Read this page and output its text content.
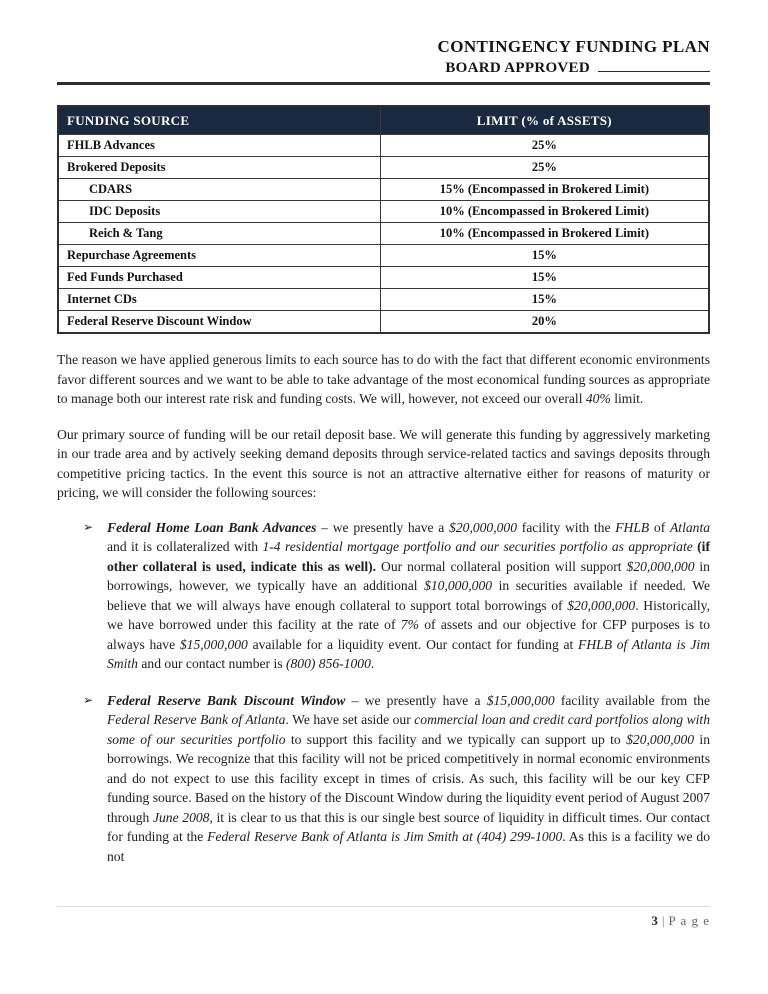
CONTINGENCY FUNDING PLAN
BOARD APPROVED
FUNDING SOURCE	LIMIT (% of ASSETS)
FHLB Advances	25%
Brokered Deposits	25%
CDARS	15% (Encompassed in Brokered Limit)
IDC Deposits	10% (Encompassed in Brokered Limit)
Reich & Tang	10% (Encompassed in Brokered Limit)
Repurchase Agreements	15%
Fed Funds Purchased	15%
Internet CDs	15%
Federal Reserve Discount Window	20%

The reason we have applied generous limits to each source has to do with the fact that different economic environments favor different sources and we want to be able to take advantage of the most economical funding sources as appropriate to manage both our interest rate risk and funding costs. We will, however, not exceed our overall 40% limit.

Our primary source of funding will be our retail deposit base. We will generate this funding by aggressively marketing in our trade area and by actively seeking demand deposits through service-related tactics and savings deposits through competitive pricing tactics. In the event this source is not an attractive alternative either for reasons of maturity or pricing, we will consider the following sources:

➢	Federal Home Loan Bank Advances – we presently have a $20,000,000 facility with the FHLB of Atlanta and it is collateralized with 1-4 residential mortgage portfolio and our securities portfolio as appropriate (if other collateral is used, indicate this as well). Our normal collateral position will support $20,000,000 in borrowings, however, we typically have an additional $10,000,000 in securities available if needed. We believe that we will always have enough collateral to support total borrowings of $20,000,000. Historically, we have borrowed under this facility at the rate of 7% of assets and our objective for CFP purposes is to always have $15,000,000 available for a liquidity event. Our contact for funding at FHLB of Atlanta is Jim Smith and our contact number is (800) 856-1000.
➢	Federal Reserve Bank Discount Window – we presently have a $15,000,000 facility available from the Federal Reserve Bank of Atlanta. We have set aside our commercial loan and credit card portfolios along with some of our securities portfolio to support this facility and we typically can support up to $20,000,000 in borrowings. We recognize that this facility will not be priced competitively in normal economic environments and do not expect to use this facility except in times of crisis. As such, this facility will be our key CFP funding source. Based on the history of the Discount Window during the liquidity event period of August 2007 through June 2008, it is clear to us that this is our single best source of liquidity in difficult times. Our contact for funding at the Federal Reserve Bank of Atlanta is Jim Smith at (404) 299-1000. As this is a facility we do not
3 | P a g e
